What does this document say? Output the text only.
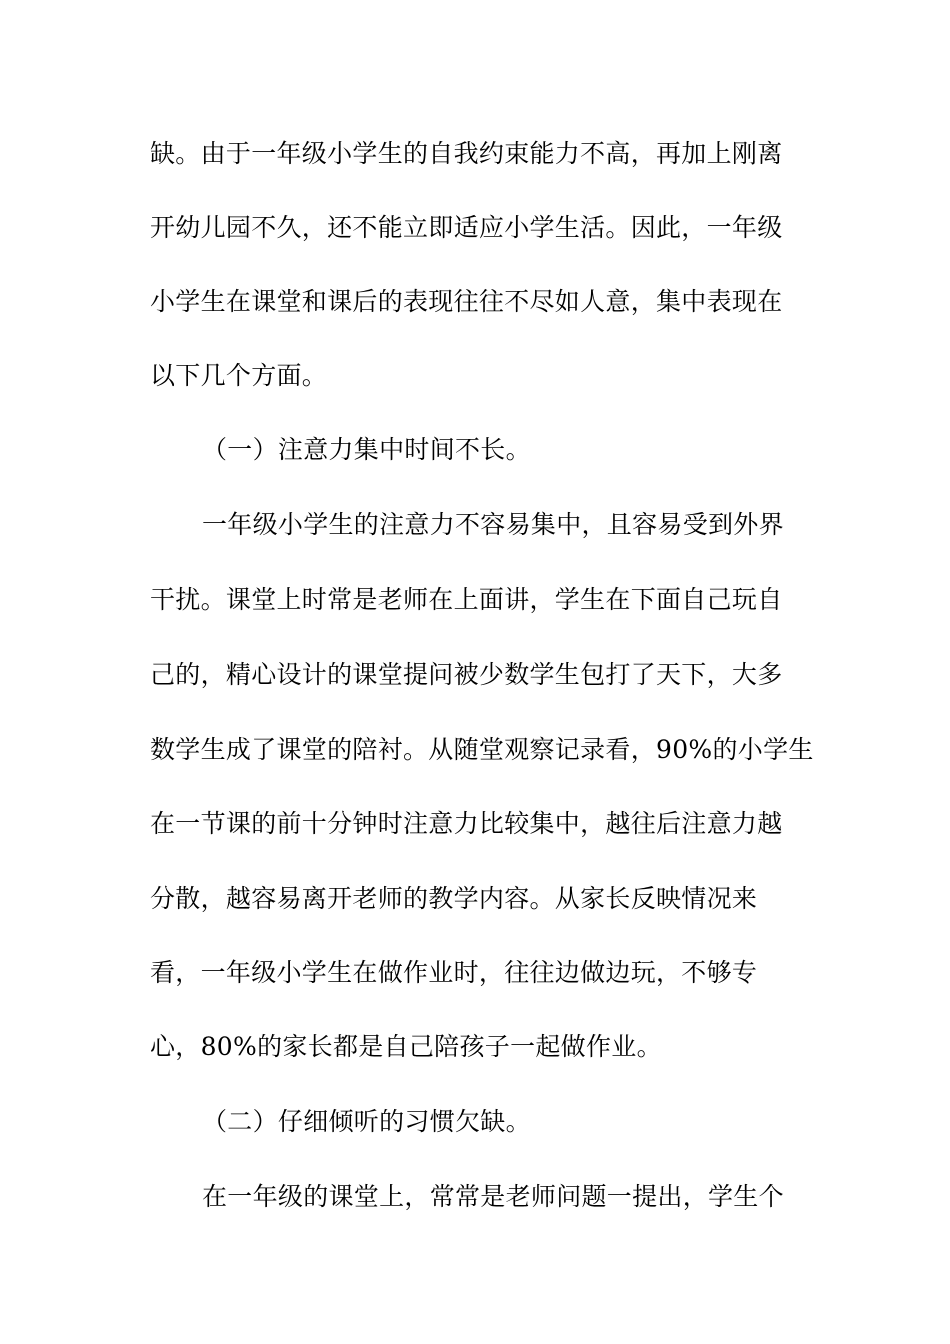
缺。由于一年级小学生的自我约束能力不高，再加上刚离
开幼儿园不久，还不能立即适应小学生活。因此，一年级
小学生在课堂和课后的表现往往不尽如人意，集中表现在
以下几个方面。
（一）注意力集中时间不长。
一年级小学生的注意力不容易集中，且容易受到外界
干扰。课堂上时常是老师在上面讲，学生在下面自己玩自
己的，精心设计的课堂提问被少数学生包打了天下，大多
数学生成了课堂的陪衬。从随堂观察记录看，90%的小学生
在一节课的前十分钟时注意力比较集中，越往后注意力越
分散，越容易离开老师的教学内容。从家长反映情况来
看，一年级小学生在做作业时，往往边做边玩，不够专
心，80%的家长都是自己陪孩子一起做作业。
（二）仔细倾听的习惯欠缺。
在一年级的课堂上，常常是老师问题一提出，学生个
